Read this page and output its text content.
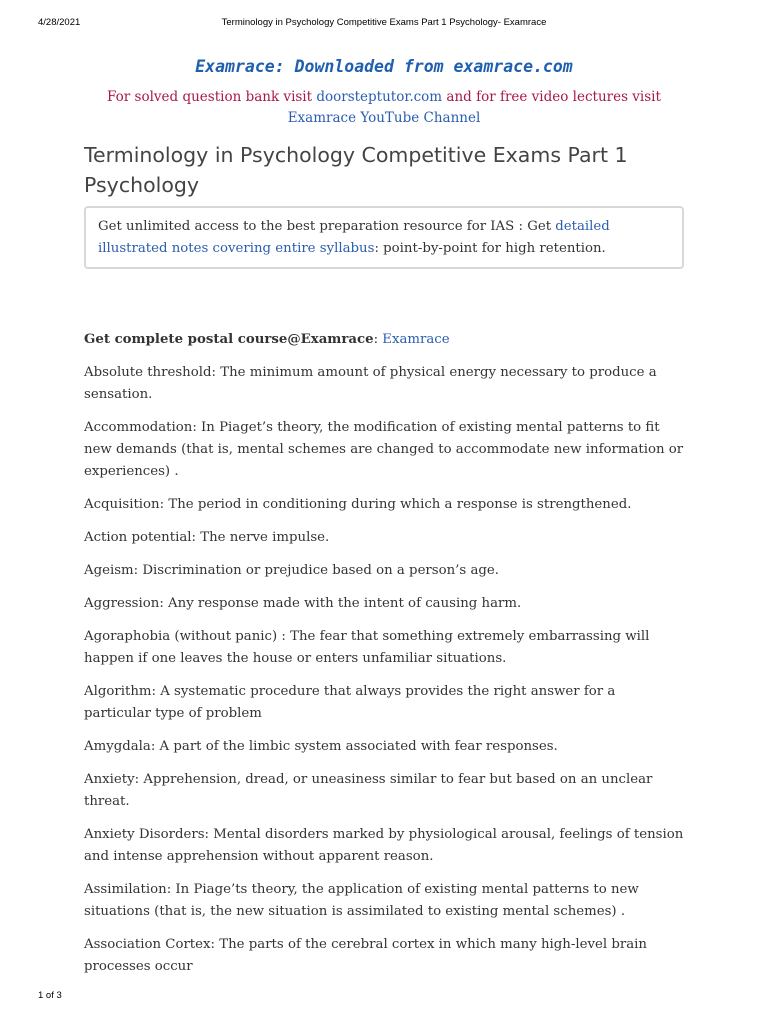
4/28/2021	Terminology in Psychology Competitive Exams Part 1 Psychology- Examrace
Examrace: Downloaded from examrace.com
For solved question bank visit doorsteptutor.com and for free video lectures visit
Examrace YouTube Channel
Terminology in Psychology Competitive Exams Part 1 Psychology
Get unlimited access to the best preparation resource for IAS : Get detailed illustrated notes covering entire syllabus: point-by-point for high retention.

Get complete postal course@Examrace: Examrace

Absolute threshold: The minimum amount of physical energy necessary to produce a sensation.

Accommodation: In Piaget’s theory, the modification of existing mental patterns to fit new demands (that is, mental schemes are changed to accommodate new information or experiences) .

Acquisition: The period in conditioning during which a response is strengthened.

Action potential: The nerve impulse.

Ageism: Discrimination or prejudice based on a person’s age.

Aggression: Any response made with the intent of causing harm.

Agoraphobia (without panic) : The fear that something extremely embarrassing will happen if one leaves the house or enters unfamiliar situations.

Algorithm: A systematic procedure that always provides the right answer for a particular type of problem

Amygdala: A part of the limbic system associated with fear responses.

Anxiety: Apprehension, dread, or uneasiness similar to fear but based on an unclear threat.

Anxiety Disorders: Mental disorders marked by physiological arousal, feelings of tension and intense apprehension without apparent reason.

Assimilation: In Piage’ts theory, the application of existing mental patterns to new situations (that is, the new situation is assimilated to existing mental schemes) .

Association Cortex: The parts of the cerebral cortex in which many high-level brain processes occur

1 of 3
